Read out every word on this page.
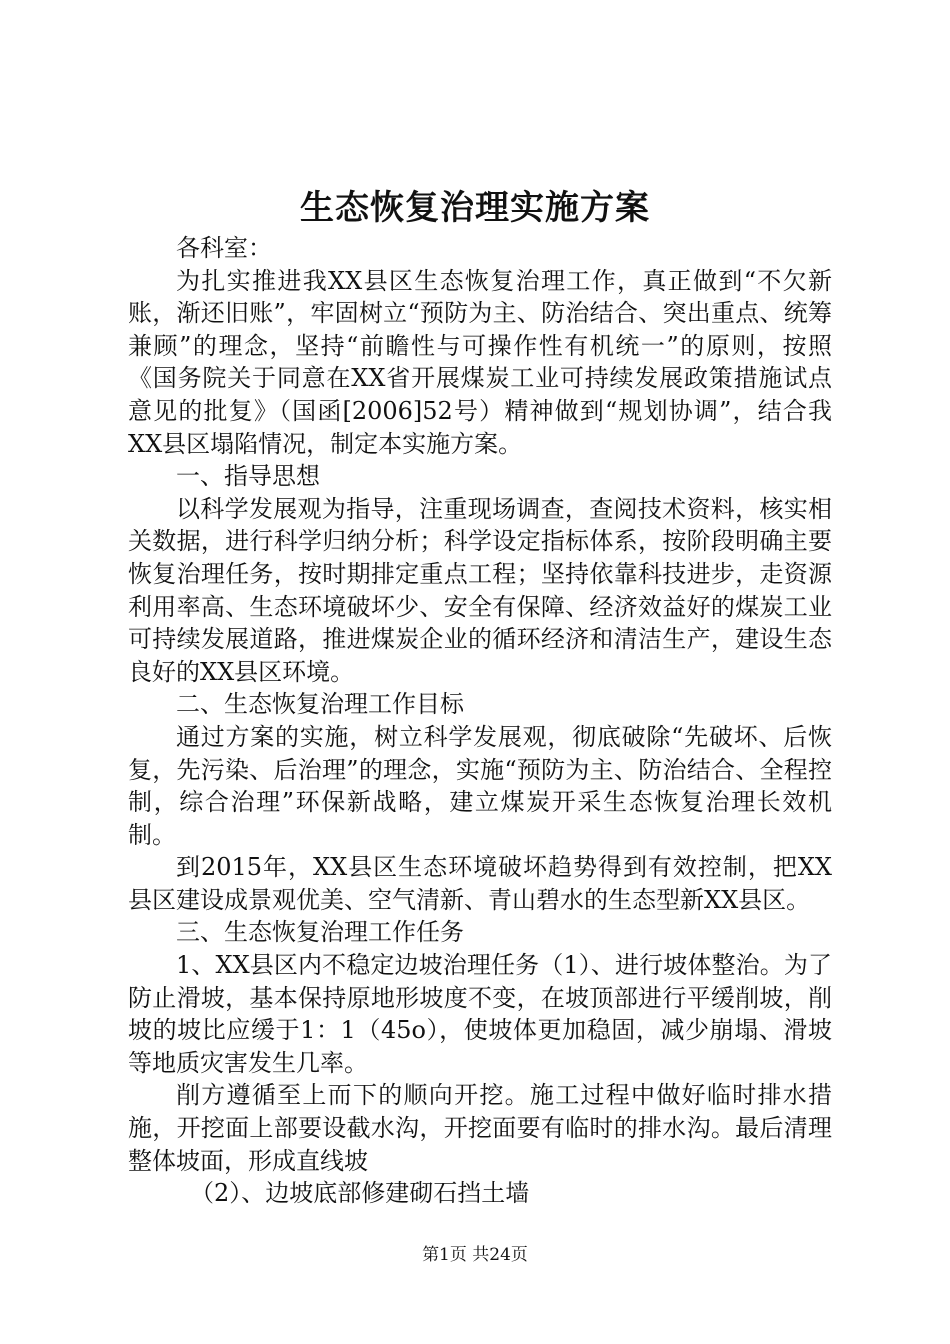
生态恢复治理实施方案

各科室：

为扎实推进我XX县区生态恢复治理工作，真正做到“不欠新账，渐还旧账”，牢固树立“预防为主、防治结合、突出重点、统筹兼顾”的理念，坚持“前瞻性与可操作性有机统一”的原则，按照《国务院关于同意在XX省开展煤炭工业可持续发展政策措施试点意见的批复》（国函[2006]52号）精神做到“规划协调”，结合我XX县区塌陷情况，制定本实施方案。

一、指导思想

以科学发展观为指导，注重现场调查，查阅技术资料，核实相关数据，进行科学归纳分析；科学设定指标体系，按阶段明确主要恢复治理任务，按时期排定重点工程；坚持依靠科技进步，走资源利用率高、生态环境破坏少、安全有保障、经济效益好的煤炭工业可持续发展道路，推进煤炭企业的循环经济和清洁生产，建设生态良好的XX县区环境。

二、生态恢复治理工作目标

通过方案的实施，树立科学发展观，彻底破除“先破坏、后恢复，先污染、后治理”的理念，实施“预防为主、防治结合、全程控制，综合治理”环保新战略，建立煤炭开采生态恢复治理长效机制。

到2015年，XX县区生态环境破坏趋势得到有效控制，把XX县区建设成景观优美、空气清新、青山碧水的生态型新XX县区。

三、生态恢复治理工作任务

1、XX县区内不稳定边坡治理任务（1）、进行坡体整治。为了防止滑坡，基本保持原地形坡度不变，在坡顶部进行平缓削坡，削坡的坡比应缓于1：1（45o），使坡体更加稳固，减少崩塌、滑坡等地质灾害发生几率。

削方遵循至上而下的顺向开挖。施工过程中做好临时排水措施，开挖面上部要设截水沟，开挖面要有临时的排水沟。最后清理整体坡面，形成直线坡

（2）、边坡底部修建砌石挡土墙

第1页 共24页
